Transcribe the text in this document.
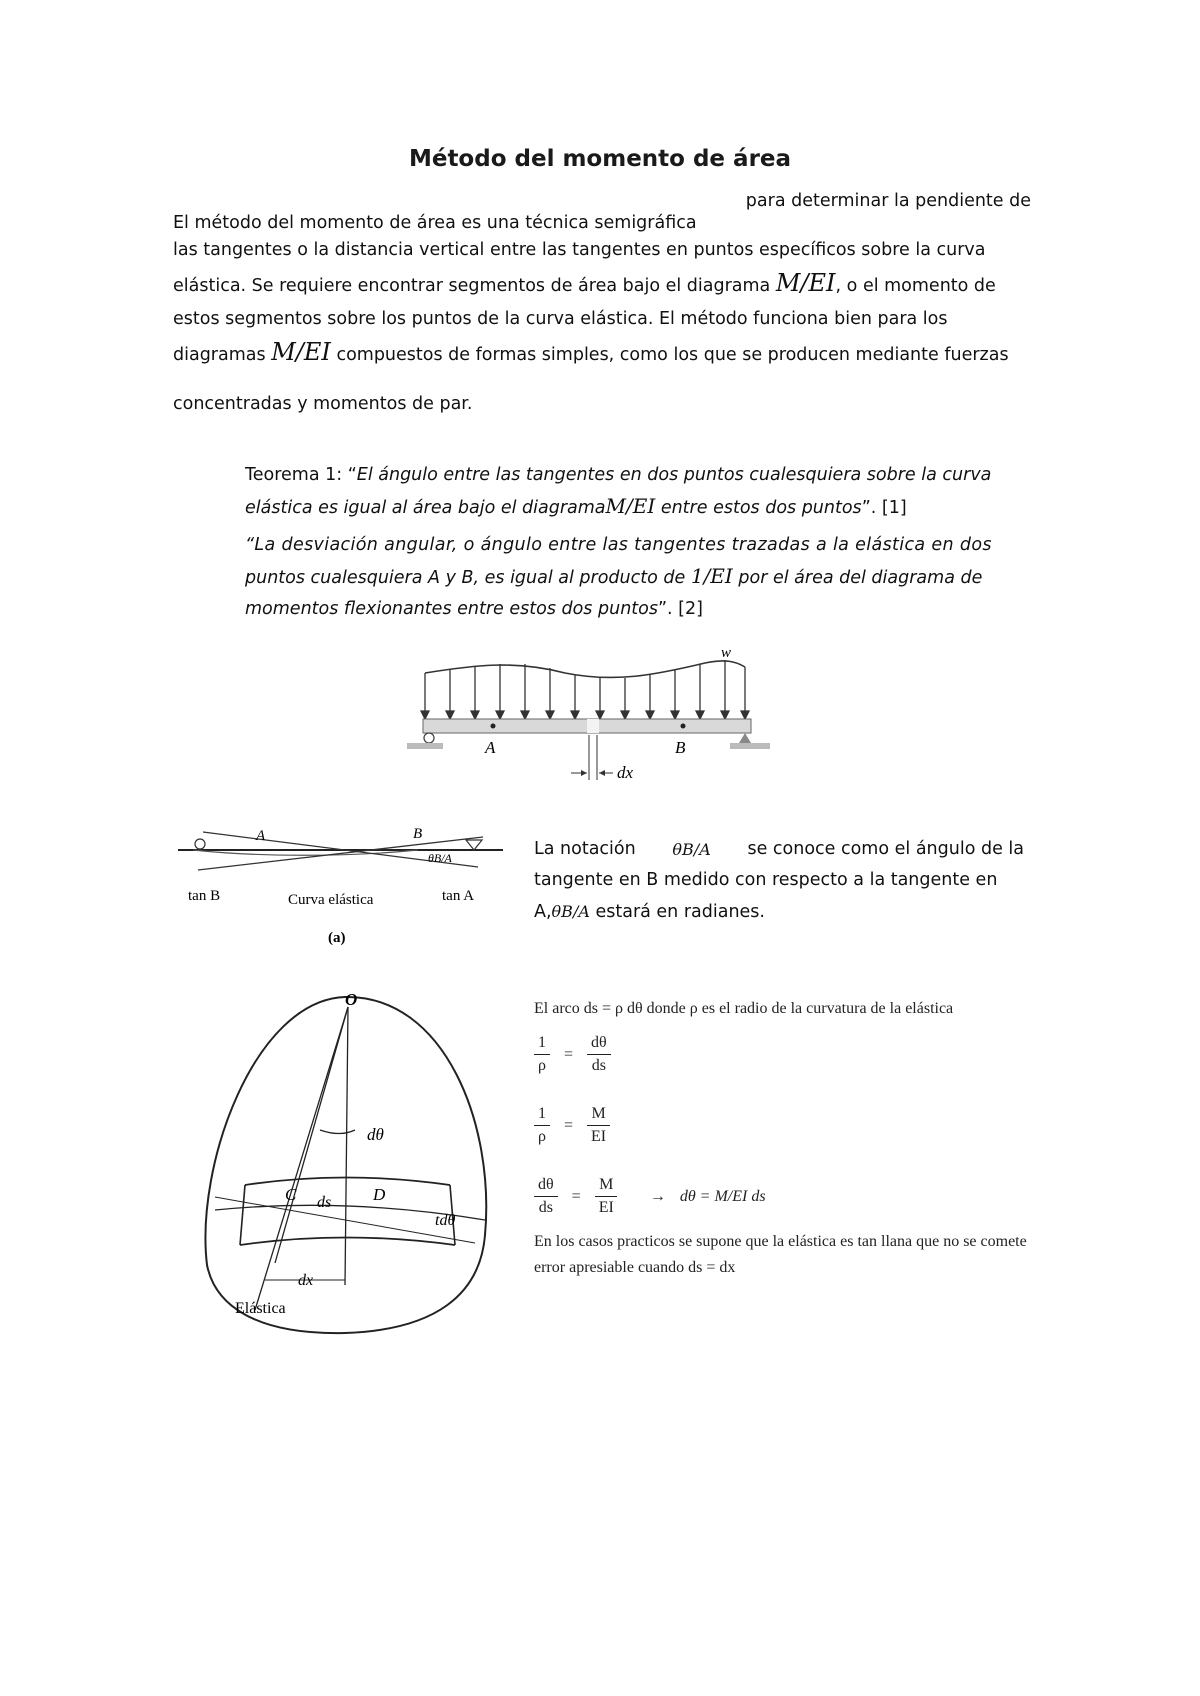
Método del momento de área
El método del momento de área es una técnica semigráfica
para determinar la pendiente de
las tangentes o la distancia vertical entre las tangentes en puntos específicos sobre la curva
elástica. Se requiere encontrar segmentos de área bajo el diagrama M/EI, o el momento de
estos segmentos sobre los puntos de la curva elástica. El método funciona bien para los
diagramas M/EI compuestos de formas simples, como los que se producen mediante fuerzas
concentradas y momentos de par.
Teorema 1: “El ángulo entre las tangentes en dos puntos cualesquiera sobre la curva
elástica es igual al área bajo el diagramaM/EI entre estos dos puntos”. [1]
“La desviación angular, o ángulo entre las tangentes trazadas a la elástica en dos
puntos cualesquiera A y B, es igual al producto de 1/EI por el área del diagrama de
momentos flexionantes entre estos dos puntos”. [2]
w
A	B
dx
A	B
θB/A
tan B	Curva elástica	tan A
(a)
La notación θB/A se conoce como el ángulo de la
tangente en B medido con respecto a la tangente en
A,θB/A estará en radianes.
O
dθ
C ds D
tdθ
dx
Elástica
El arco ds = ρ dθ donde ρ es el radio de la curvatura de la elástica
$\frac{1}{\rho} = \frac{d\theta}{ds}$
$\frac{1}{\rho} = \frac{M}{EI}$
$\frac{d\theta}{ds} = \frac{M}{EI} \to d\theta = M/EI$ ds
En los casos practicos se supone que la elástica es tan llana que no se comete
error apresiable cuando ds = dx
